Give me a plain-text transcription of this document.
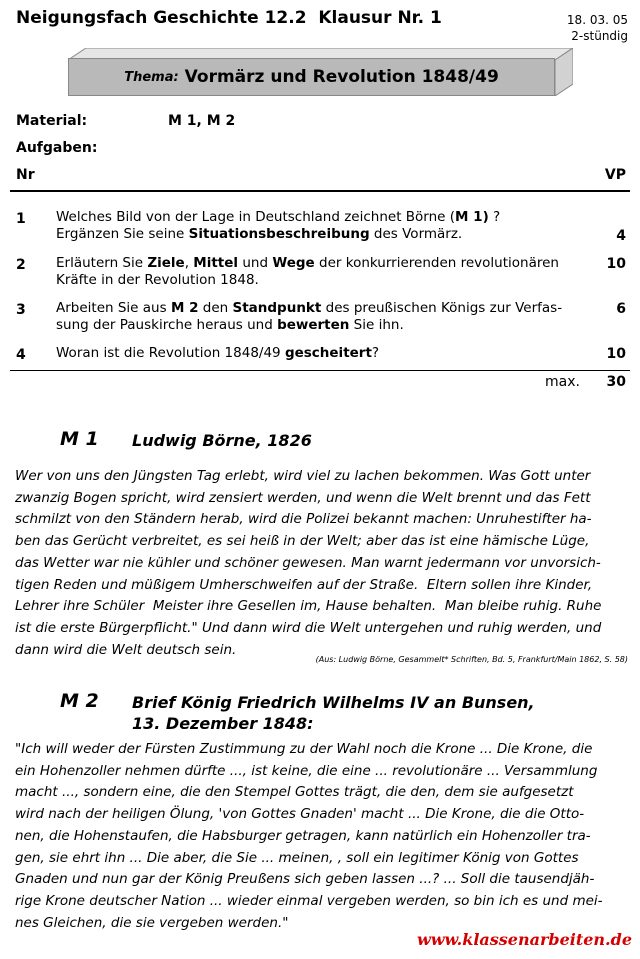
Neigungsfach Geschichte 12.2  Klausur Nr. 1	18. 03. 05
2-stündig
Thema: Vormärz und Revolution 1848/49
Material:	M 1, M 2
Aufgaben:
Nr	VP
1 Welches Bild von der Lage in Deutschland zeichnet Börne (M 1) ?
Ergänzen Sie seine Situationsbeschreibung des Vormärz.	4
2 Erläutern Sie Ziele, Mittel und Wege der konkurrierenden revolutionären
Kräfte in der Revolution 1848.
10
3 Arbeiten Sie aus M 2 den Standpunkt des preußischen Königs zur Verfas-
sung der Pauskirche heraus und bewerten Sie ihn.
6
4 Woran ist die Revolution 1848/49 gescheitert?	10
max. 30
M 1 Ludwig Börne, 1826
Wer von uns den Jüngsten Tag erlebt, wird viel zu lachen bekommen. Was Gott unter
zwanzig Bogen spricht, wird zensiert werden, und wenn die Welt brennt und das Fett
schmilzt von den Ständern herab, wird die Polizei bekannt machen: Unruhestifter ha-
ben das Gerücht verbreitet, es sei heiß in der Welt; aber das ist eine hämische Lüge,
das Wetter war nie kühler und schöner gewesen. Man warnt jedermann vor unvorsich-
tigen Reden und müßigem Umherschweifen auf der Straße.  Eltern sollen ihre Kinder,
Lehrer ihre Schüler  Meister ihre Gesellen im, Hause behalten.  Man bleibe ruhig. Ruhe
ist die erste Bürgerpflicht." Und dann wird die Welt untergehen und ruhig werden, und
dann wird die Welt deutsch sein.
(Aus: Ludwig Börne, Gesammelt* Schriften, Bd. 5, Frankfurt/Main 1862, S. 58)
M 2 Brief König Friedrich Wilhelms IV an Bunsen,
13. Dezember 1848:
"Ich will weder der Fürsten Zustimmung zu der Wahl noch die Krone ... Die Krone, die
ein Hohenzoller nehmen dürfte ..., ist keine, die eine ... revolutionäre ... Versammlung
macht ..., sondern eine, die den Stempel Gottes trägt, die den, dem sie aufgesetzt
wird nach der heiligen Ölung, 'von Gottes Gnaden' macht ... Die Krone, die die Otto-
nen, die Hohenstaufen, die Habsburger getragen, kann natürlich ein Hohenzoller tra-
gen, sie ehrt ihn ... Die aber, die Sie ... meinen, , soll ein legitimer König von Gottes
Gnaden und nun gar der König Preußens sich geben lassen ...? ... Soll die tausendjäh-
rige Krone deutscher Nation ... wieder einmal vergeben werden, so bin ich es und mei-
nes Gleichen, die sie vergeben werden."
www.klassenarbeiten.de
